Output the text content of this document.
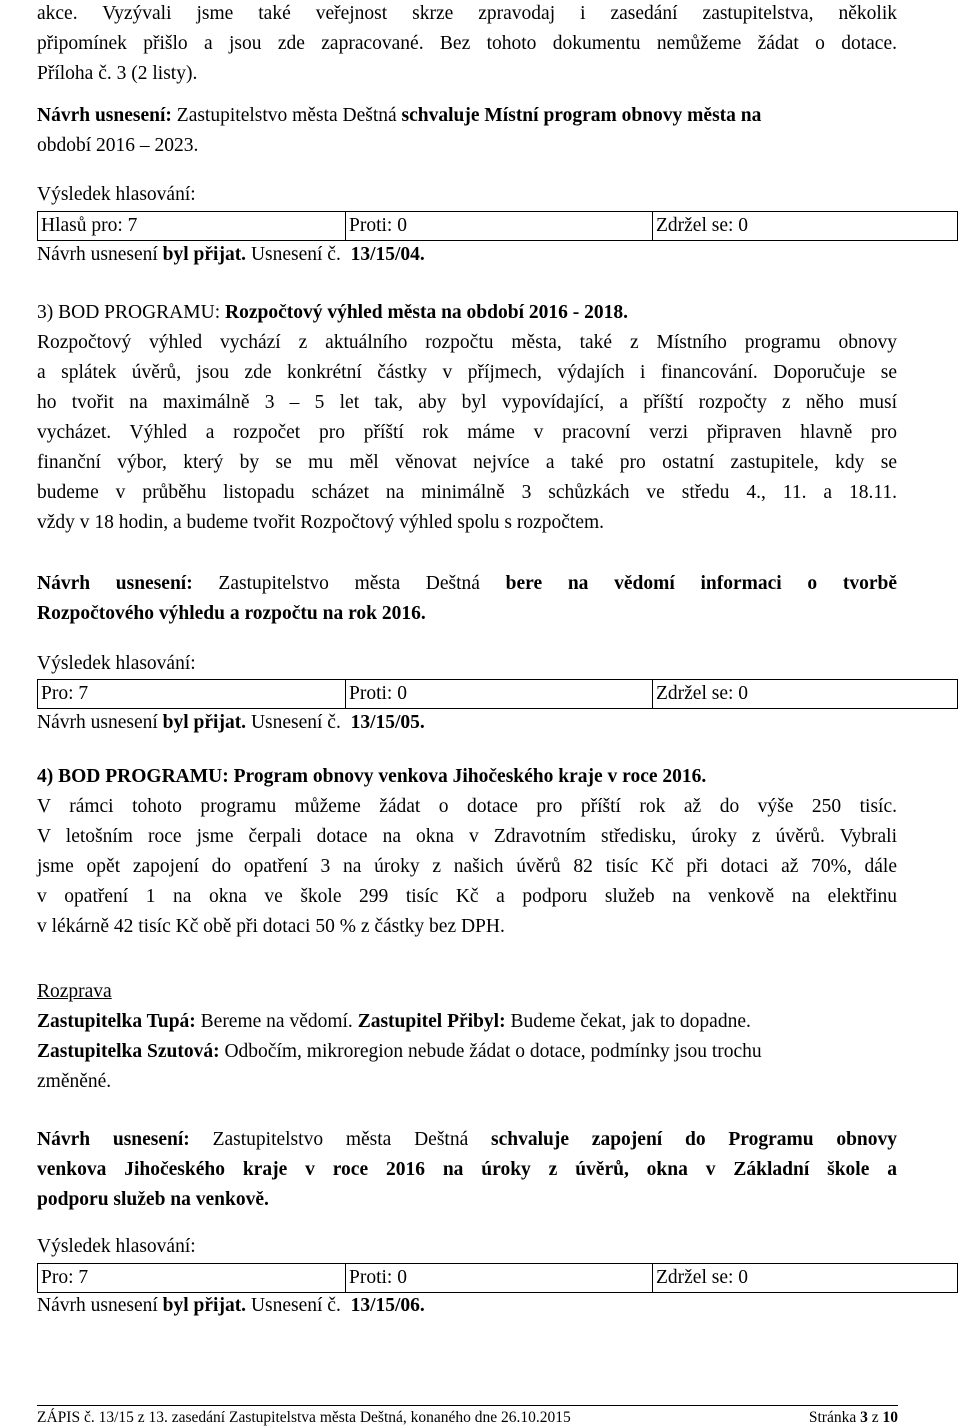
akce. Vyzývali jsme také veřejnost skrze zpravodaj i zasedání zastupitelstva, několik
připomínek přišlo a jsou zde zapracované. Bez tohoto dokumentu nemůžeme žádat o dotace.
Příloha č. 3 (2 listy).
Návrh usnesení: Zastupitelstvo města Deštná schvaluje Místní program obnovy města na
období 2016 – 2023.
Výsledek hlasování:
Hlasů pro: 7	Proti: 0	Zdržel se: 0
Návrh usnesení byl přijat. Usnesení č. 13/15/04.
3) BOD PROGRAMU: Rozpočtový výhled města na období 2016 - 2018.
Rozpočtový výhled vychází z aktuálního rozpočtu města, také z Místního programu obnovy
a splátek úvěrů, jsou zde konkrétní částky v příjmech, výdajích i financování. Doporučuje se
ho tvořit na maximálně 3 – 5 let tak, aby byl vypovídající, a příští rozpočty z něho musí
vycházet. Výhled a rozpočet pro příští rok máme v pracovní verzi připraven hlavně pro
finanční výbor, který by se mu měl věnovat nejvíce a také pro ostatní zastupitele, kdy se
budeme v průběhu listopadu scházet na minimálně 3 schůzkách ve středu 4., 11. a 18.11.
vždy v 18 hodin, a budeme tvořit Rozpočtový výhled spolu s rozpočtem.
Návrh usnesení: Zastupitelstvo města Deštná bere na vědomí informaci o tvorbě
Rozpočtového výhledu a rozpočtu na rok 2016.
Výsledek hlasování:
Pro: 7	Proti: 0	Zdržel se: 0
Návrh usnesení byl přijat. Usnesení č. 13/15/05.
4) BOD PROGRAMU: Program obnovy venkova Jihočeského kraje v roce 2016.
V rámci tohoto programu můžeme žádat o dotace pro příští rok až do výše 250 tisíc.
V letošním roce jsme čerpali dotace na okna v Zdravotním středisku, úroky z úvěrů. Vybrali
jsme opět zapojení do opatření 3 na úroky z našich úvěrů 82 tisíc Kč při dotaci až 70%, dále
v opatření 1 na okna ve škole 299 tisíc Kč a podporu služeb na venkově na elektřinu
v lékárně 42 tisíc Kč obě při dotaci 50 % z částky bez DPH.
Rozprava
Zastupitelka Tupá: Bereme na vědomí. Zastupitel Přibyl: Budeme čekat, jak to dopadne.
Zastupitelka Szutová: Odbočím, mikroregion nebude žádat o dotace, podmínky jsou trochu
změněné.
Návrh usnesení: Zastupitelstvo města Deštná schvaluje zapojení do Programu obnovy
venkova Jihočeského kraje v roce 2016 na úroky z úvěrů, okna v Základní škole a
podporu služeb na venkově.
Výsledek hlasování:
Pro: 7	Proti: 0	Zdržel se: 0
Návrh usnesení byl přijat. Usnesení č. 13/15/06.
ZÁPIS č. 13/15 z 13. zasedání Zastupitelstva města Deštná, konaného dne 26.10.2015	Stránka 3 z 10
